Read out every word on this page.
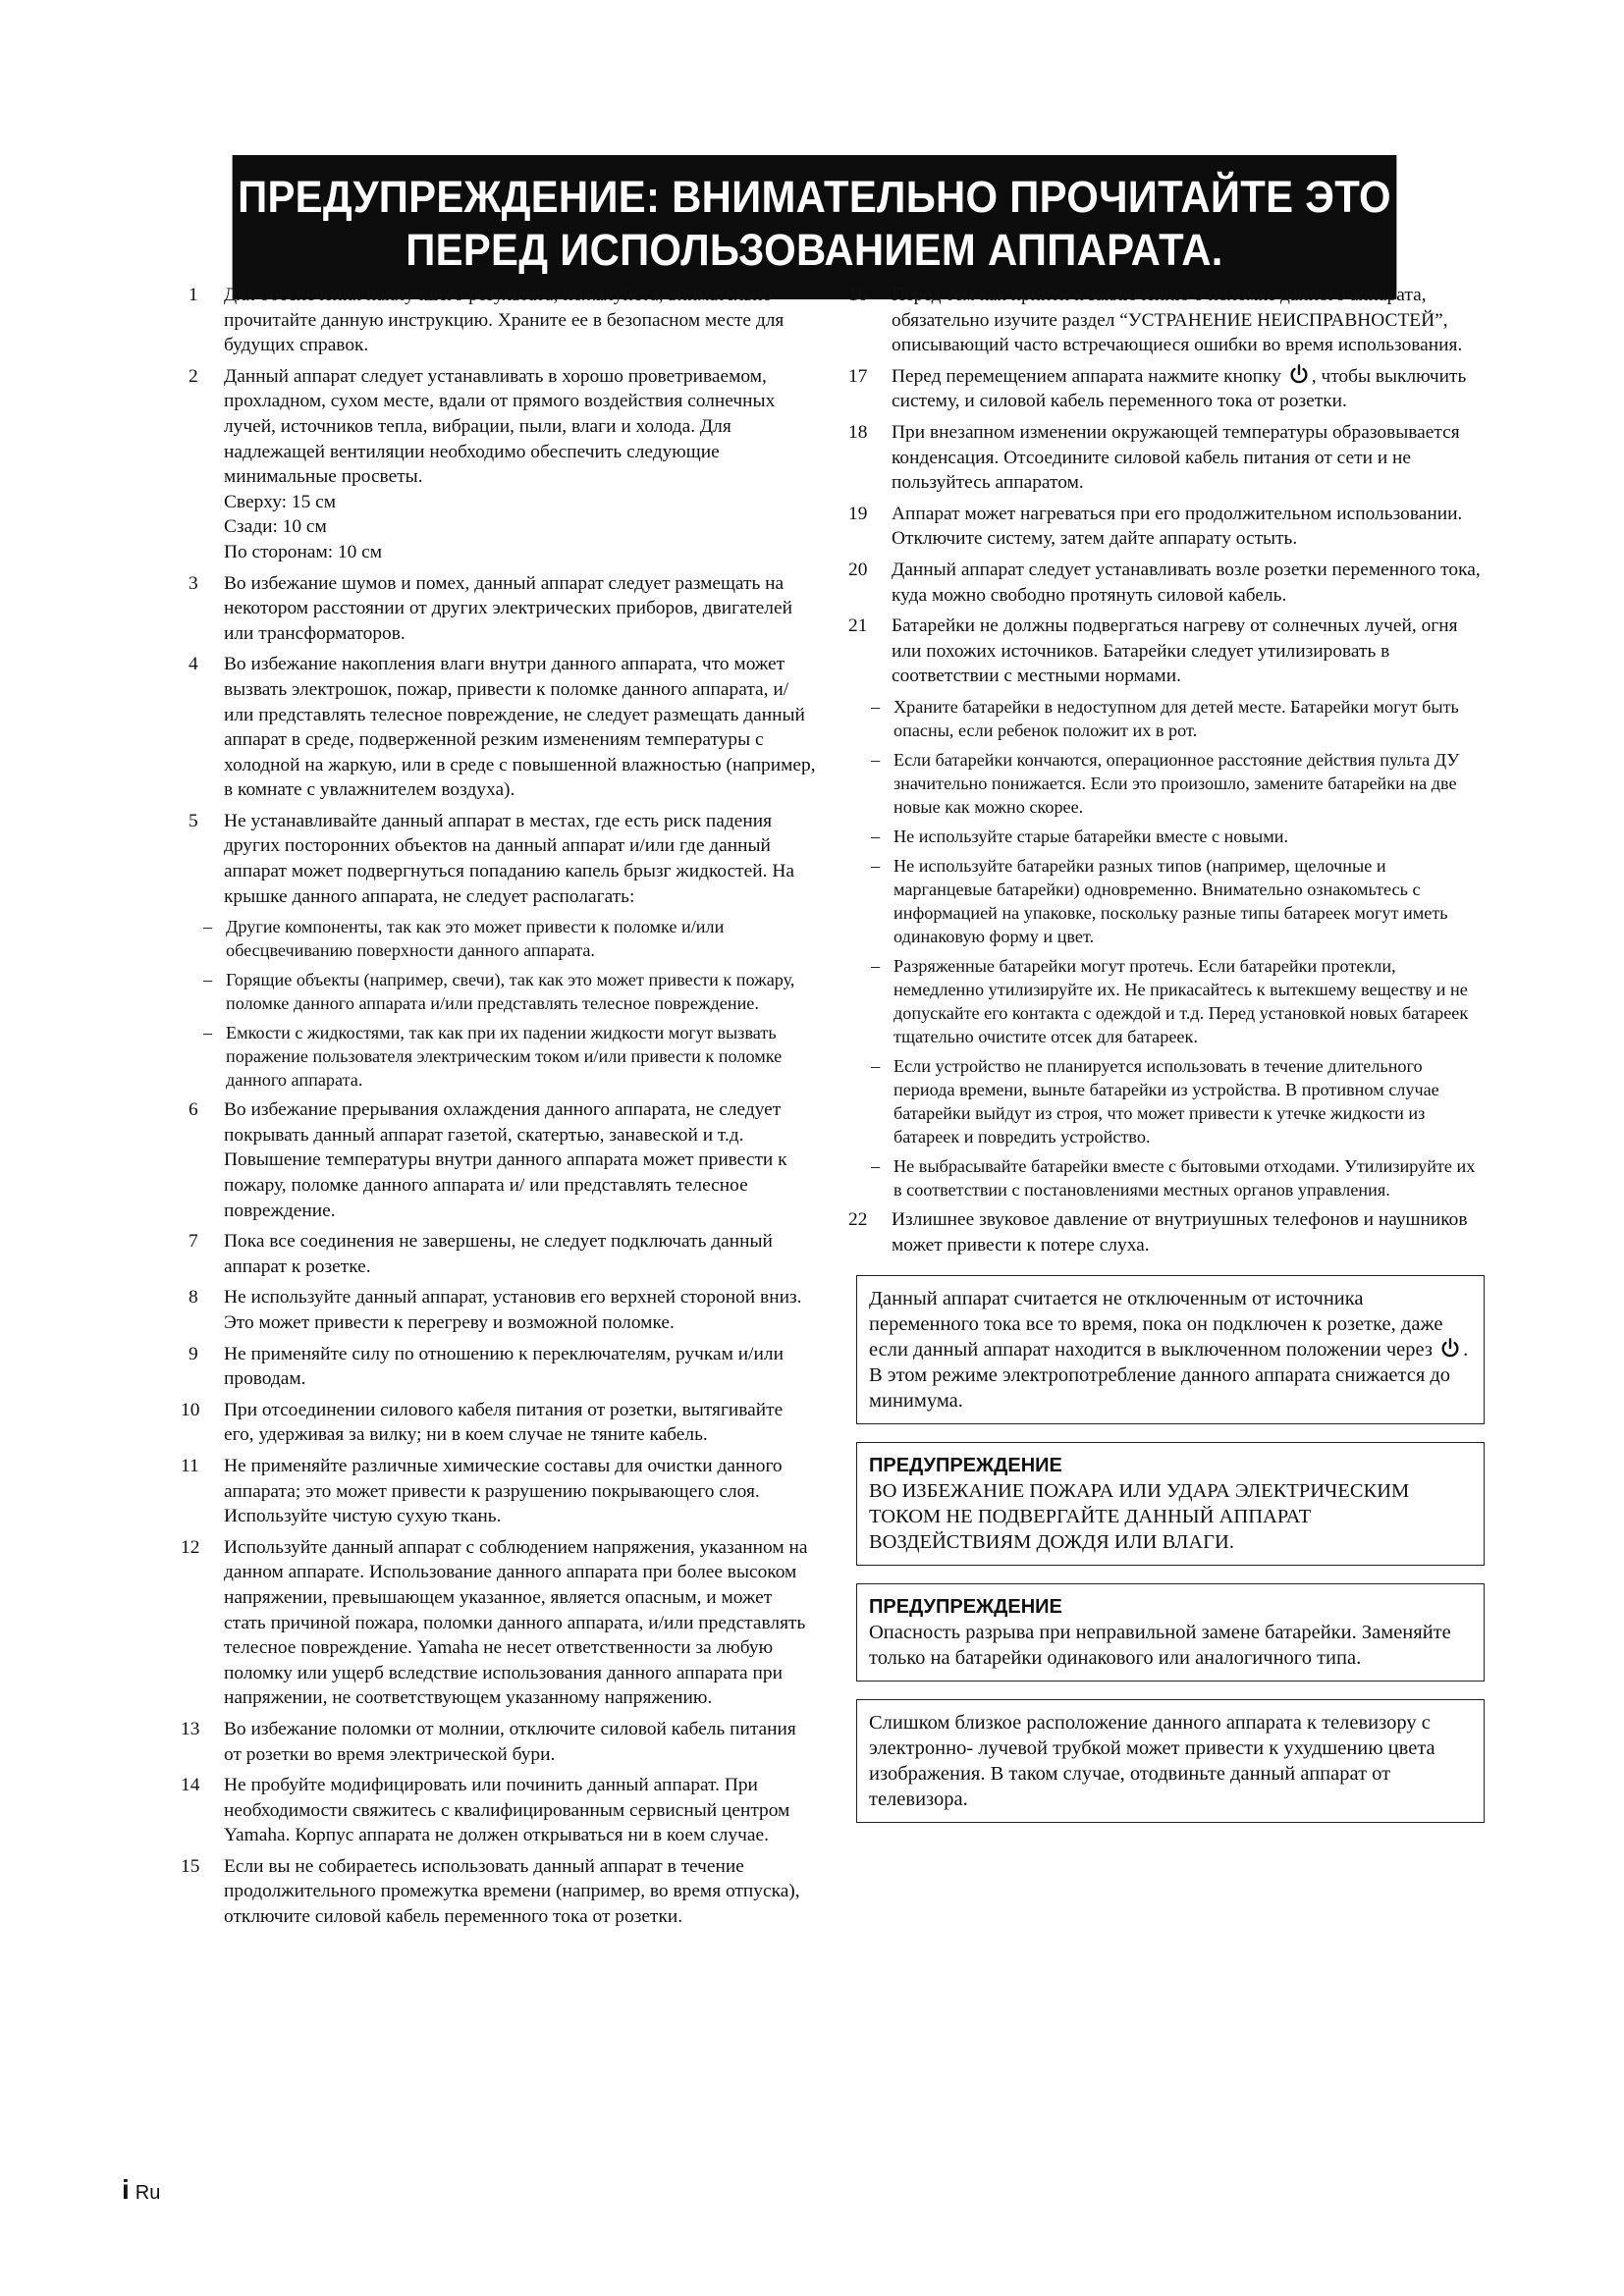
ПРЕДУПРЕЖДЕНИЕ: ВНИМАТЕЛЬНО ПРОЧИТАЙТЕ ЭТО
ПЕРЕД ИСПОЛЬЗОВАНИЕМ АППАРАТА.
1	Для обеспечения наилучшего результата, пожалуйста, внимательно прочитайте данную инструкцию. Храните ее в безопасном месте для будущих справок.
2	Данный аппарат следует устанавливать в хорошо проветриваемом, прохладном, сухом месте, вдали от прямого воздействия солнечных лучей, источников тепла, вибрации, пыли, влаги и холода. Для надлежащей вентиляции необходимо обеспечить следующие минимальные просветы.
Сверху: 15 см
Сзади: 10 см
По сторонам: 10 см
3	Во избежание шумов и помех, данный аппарат следует размещать на некотором расстоянии от других электрических приборов, двигателей или трансформаторов.
4	Во избежание накопления влаги внутри данного аппарата, что может вызвать электрошок, пожар, привести к поломке данного аппарата, и/ или представлять телесное повреждение, не следует размещать данный аппарат в среде, подверженной резким изменениям температуры с холодной на жаркую, или в среде с повышенной влажностью (например, в комнате с увлажнителем воздуха).
5	Не устанавливайте данный аппарат в местах, где есть риск падения других посторонних объектов на данный аппарат и/или где данный аппарат может подвергнуться попаданию капель брызг жидкостей. На крышке данного аппарата, не следует располагать:
– Другие компоненты, так как это может привести к поломке и/или обесцвечиванию поверхности данного аппарата.
– Горящие объекты (например, свечи), так как это может привести к пожару, поломке данного аппарата и/или представлять телесное повреждение.
– Емкости с жидкостями, так как при их падении жидкости могут вызвать поражение пользователя электрическим током и/или привести к поломке данного аппарата.
6	Во избежание прерывания охлаждения данного аппарата, не следует покрывать данный аппарат газетой, скатертью, занавеской и т.д. Повышение температуры внутри данного аппарата может привести к пожару, поломке данного аппарата и/ или представлять телесное повреждение.
7	Пока все соединения не завершены, не следует подключать данный аппарат к розетке.
8	Не используйте данный аппарат, установив его верхней стороной вниз. Это может привести к перегреву и возможной поломке.
9	Не применяйте силу по отношению к переключателям, ручкам и/или проводам.
10	При отсоединении силового кабеля питания от розетки, вытягивайте его, удерживая за вилку; ни в коем случае не тяните кабель.
11	Не применяйте различные химические составы для очистки данного аппарата; это может привести к разрушению покрывающего слоя. Используйте чистую сухую ткань.
12	Используйте данный аппарат с соблюдением напряжения, указанном на данном аппарате. Использование данного аппарата при более высоком напряжении, превышающем указанное, является опасным, и может стать причиной пожара, поломки данного аппарата, и/или представлять телесное повреждение. Yamaha не несет ответственности за любую поломку или ущерб вследствие использования данного аппарата при напряжении, не соответствующем указанному напряжению.
13	Во избежание поломки от молнии, отключите силовой кабель питания от розетки во время электрической бури.
14	Не пробуйте модифицировать или починить данный аппарат. При необходимости свяжитесь с квалифицированным сервисный центром Yamaha. Корпус аппарата не должен открываться ни в коем случае.
15	Если вы не собираетесь использовать данный аппарат в течение продолжительного промежутка времени (например, во время отпуска), отключите силовой кабель переменного тока от розетки.
16	Перед тем как прийти к заключению о поломке данного аппарата, обязательно изучите раздел “УСТРАНЕНИЕ НЕИСПРАВНОСТЕЙ”, описывающий часто встречающиеся ошибки во время использования.
17	Перед перемещением аппарата нажмите кнопку , чтобы выключить систему, и силовой кабель переменного тока от розетки.
18	При внезапном изменении окружающей температуры образовывается конденсация. Отсоедините силовой кабель питания от сети и не пользуйтесь аппаратом.
19	Аппарат может нагреваться при его продолжительном использовании. Отключите систему, затем дайте аппарату остыть.
20	Данный аппарат следует устанавливать возле розетки переменного тока, куда можно свободно протянуть силовой кабель.
21	Батарейки не должны подвергаться нагреву от солнечных лучей, огня или похожих источников. Батарейки следует утилизировать в соответствии с местными нормами.
– Храните батарейки в недоступном для детей месте. Батарейки могут быть опасны, если ребенок положит их в рот.
– Если батарейки кончаются, операционное расстояние действия пульта ДУ значительно понижается. Если это произошло, замените батарейки на две новые как можно скорее.
– Не используйте старые батарейки вместе с новыми.
– Не используйте батарейки разных типов (например, щелочные и марганцевые батарейки) одновременно. Внимательно ознакомьтесь с информацией на упаковке, поскольку разные типы батареек могут иметь одинаковую форму и цвет.
– Разряженные батарейки могут протечь. Если батарейки протекли, немедленно утилизируйте их. Не прикасайтесь к вытекшему веществу и не допускайте его контакта с одеждой и т.д. Перед установкой новых батареек тщательно очистите отсек для батареек.
– Если устройство не планируется использовать в течение длительного периода времени, выньте батарейки из устройства. В противном случае батарейки выйдут из строя, что может привести к утечке жидкости из батареек и повредить устройство.
– Не выбрасывайте батарейки вместе с бытовыми отходами. Утилизируйте их в соответствии с постановлениями местных органов управления.
22	Излишнее звуковое давление от внутриушных телефонов и наушников может привести к потере слуха.
Данный аппарат считается не отключенным от источника переменного тока все то время, пока он подключен к розетке, даже если данный аппарат находится в выключенном положении через . В этом режиме электропотребление данного аппарата снижается до минимума.
ПРЕДУПРЕЖДЕНИЕ
ВО ИЗБЕЖАНИЕ ПОЖАРА ИЛИ УДАРА ЭЛЕКТРИЧЕСКИМ ТОКОМ НЕ ПОДВЕРГАЙТЕ ДАННЫЙ АППАРАТ ВОЗДЕЙСТВИЯМ ДОЖДЯ ИЛИ ВЛАГИ.
ПРЕДУПРЕЖДЕНИЕ
Опасность разрыва при неправильной замене батарейки. Заменяйте только на батарейки одинакового или аналогичного типа.
Слишком близкое расположение данного аппарата к телевизору с электронно- лучевой трубкой может привести к ухудшению цвета изображения. В таком случае, отодвиньте данный аппарат от телевизора.
i Ru
